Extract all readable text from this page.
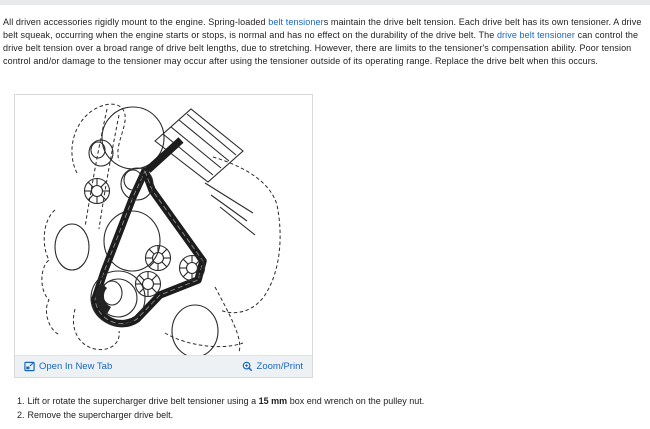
All driven accessories rigidly mount to the engine. Spring-loaded belt tensioners maintain the drive belt tension. Each drive belt has its own tensioner. A drive belt squeak, occurring when the engine starts or stops, is normal and has no effect on the durability of the drive belt. The drive belt tensioner can control the drive belt tension over a broad range of drive belt lengths, due to stretching. However, there are limits to the tensioner's compensation ability. Poor tension control and/or damage to the tensioner may occur after using the tensioner outside of its operating range. Replace the drive belt when this occurs.

Open In New Tab	Zoom/Print
1. Lift or rotate the supercharger drive belt tensioner using a 15 mm box end wrench on the pulley nut.
2. Remove the supercharger drive belt.
